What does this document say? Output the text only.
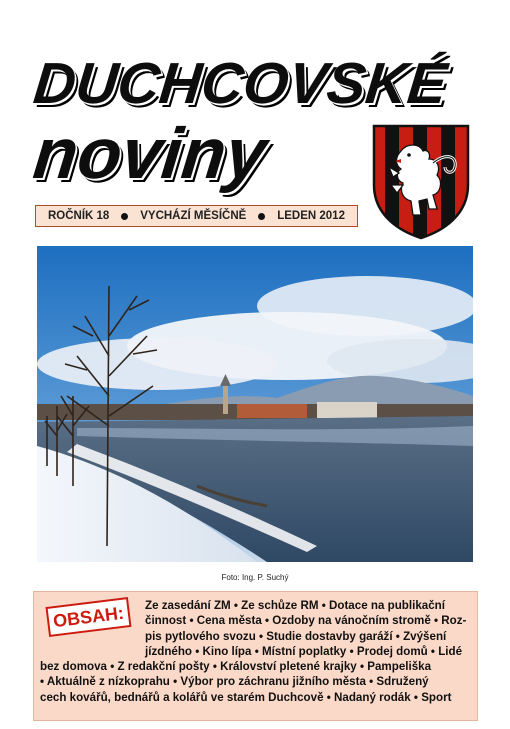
DUCHCOVSKÉ
noviny
ROČNÍK 18	VYCHÁZÍ MĚSÍČNĚ	LEDEN 2012
Foto: Ing. P. Suchý
OBSAH:	Ze zasedání ZM • Ze schůze RM • Dotace na publikační
činnost • Cena města • Ozdoby na vánočním stromě • Roz-
pis pytlového svozu • Studie dostavby garáží • Zvýšení
jízdného • Kino lípa • Místní poplatky • Prodej domů • Lidé
bez domova • Z redakční pošty • Království pletené krajky • Pampeliška
• Aktuálně z nízkoprahu • Výbor pro záchranu jižního města • Sdružený
cech kovářů, bednářů a kolářů ve starém Duchcově • Nadaný rodák • Sport
